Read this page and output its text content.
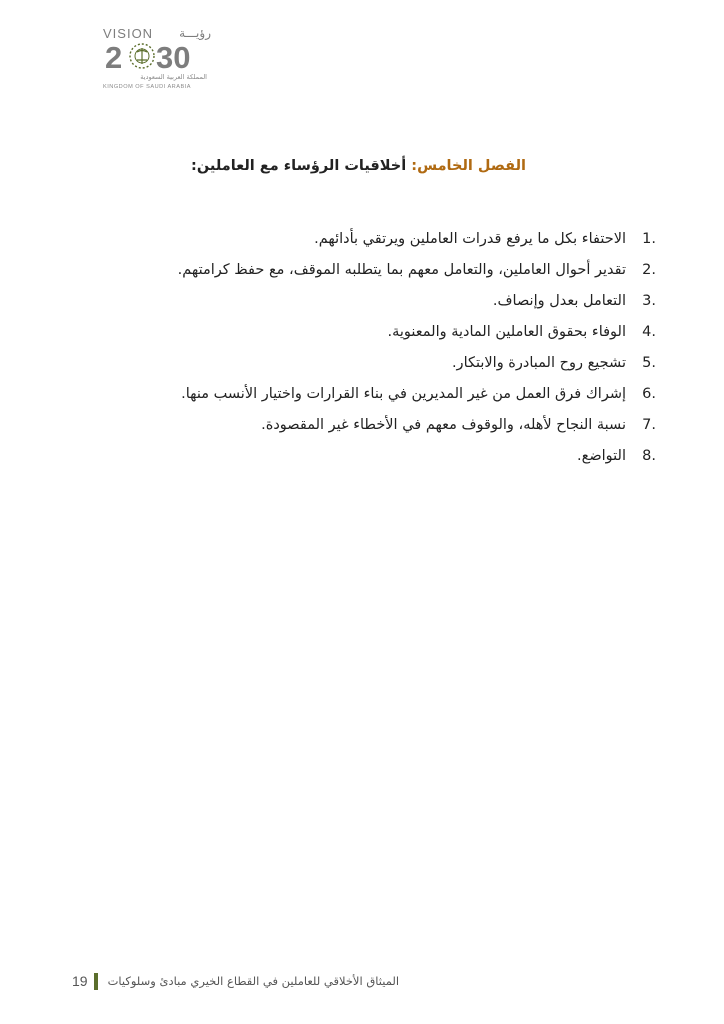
VISION رؤيـــة
2 30
المملكة العربية السعودية
KINGDOM OF SAUDI ARABIA
الفصل الخامس: أخلاقيات الرؤساء مع العاملين:
1.
الاحتفاء بكل ما يرفع قدرات العاملين ويرتقي بأدائهم.
2.
تقدير أحوال العاملين، والتعامل معهم بما يتطلبه الموقف، مع حفظ كرامتهم.
3.
التعامل بعدل وإنصاف.
4.
الوفاء بحقوق العاملين المادية والمعنوية.
5.
تشجيع روح المبادرة والابتكار.
6.
إشراك فرق العمل من غير المديرين في بناء القرارات واختيار الأنسب منها.
7.
نسبة النجاح لأهله، والوقوف معهم في الأخطاء غير المقصودة.
8.
التواضع.
19 الميثاق الأخلاقي للعاملين في القطاع الخيري مبادئ وسلوكيات
